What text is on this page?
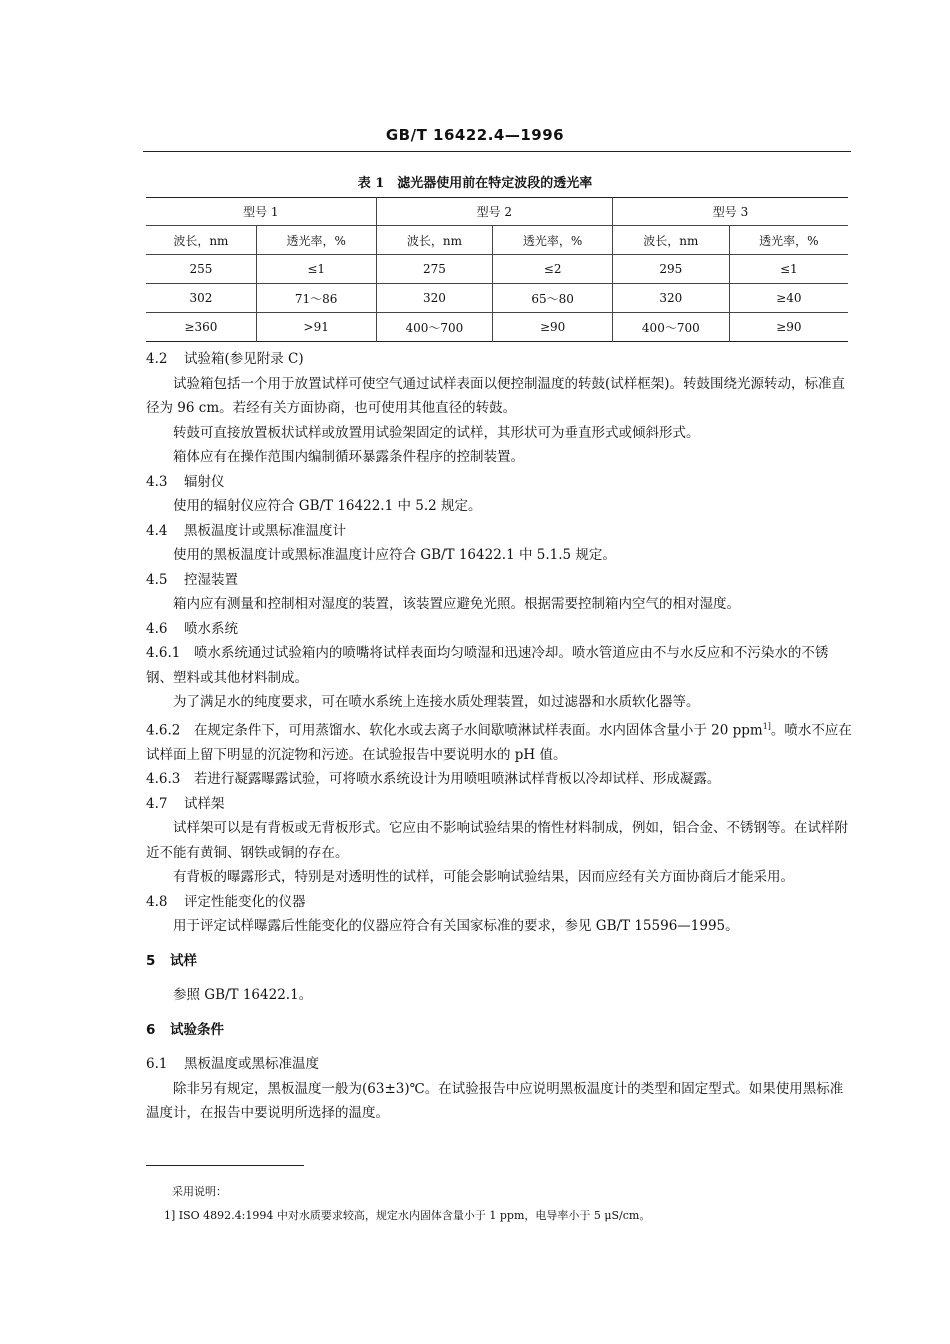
GB/T 16422.4—1996
表 1　滤光器使用前在特定波段的透光率
型号 1		型号 2		型号 3	
波长，nm	透光率，%	波长，nm	透光率，%	波长，nm	透光率，%
255	≤1	275	≤2	295	≤1
302	71～86	320	65～80	320	≥40
≥360	>91	400～700	≥90	400～700	≥90

4.2 试验箱(参见附录 C)

试验箱包括一个用于放置试样可使空气通过试样表面以便控制温度的转鼓(试样框架)。转鼓围绕光源转动，标准直径为 96 cm。若经有关方面协商，也可使用其他直径的转鼓。

转鼓可直接放置板状试样或放置用试验架固定的试样，其形状可为垂直形式或倾斜形式。

箱体应有在操作范围内编制循环暴露条件程序的控制装置。

4.3 辐射仪

使用的辐射仪应符合 GB/T 16422.1 中 5.2 规定。

4.4 黑板温度计或黑标准温度计

使用的黑板温度计或黑标准温度计应符合 GB/T 16422.1 中 5.1.5 规定。

4.5 控湿装置

箱内应有测量和控制相对湿度的装置，该装置应避免光照。根据需要控制箱内空气的相对湿度。

4.6 喷水系统

4.6.1　喷水系统通过试验箱内的喷嘴将试样表面均匀喷湿和迅速冷却。喷水管道应由不与水反应和不污染水的不锈钢、塑料或其他材料制成。

为了满足水的纯度要求，可在喷水系统上连接水质处理装置，如过滤器和水质软化器等。

4.6.2　在规定条件下，可用蒸馏水、软化水或去离子水间歇喷淋试样表面。水内固体含量小于 20 ppm$^{1]}$。喷水不应在试样面上留下明显的沉淀物和污迹。在试验报告中要说明水的 pH 值。

4.6.3　若进行凝露曝露试验，可将喷水系统设计为用喷咀喷淋试样背板以冷却试样、形成凝露。

4.7 试样架

试样架可以是有背板或无背板形式。它应由不影响试验结果的惰性材料制成，例如，铝合金、不锈钢等。在试样附近不能有黄铜、钢铁或铜的存在。

有背板的曝露形式，特别是对透明性的试样，可能会影响试验结果，因而应经有关方面协商后才能采用。

4.8 评定性能变化的仪器

用于评定试样曝露后性能变化的仪器应符合有关国家标准的要求，参见 GB/T 15596—1995。

5 试样

参照 GB/T 16422.1。

6 试验条件

6.1 黑板温度或黑标准温度

除非另有规定，黑板温度一般为(63±3)℃。在试验报告中应说明黑板温度计的类型和固定型式。如果使用黑标准温度计，在报告中要说明所选择的温度。

采用说明：
1] ISO 4892.4:1994 中对水质要求较高，规定水内固体含量小于 1 ppm，电导率小于 5 μS/cm。
